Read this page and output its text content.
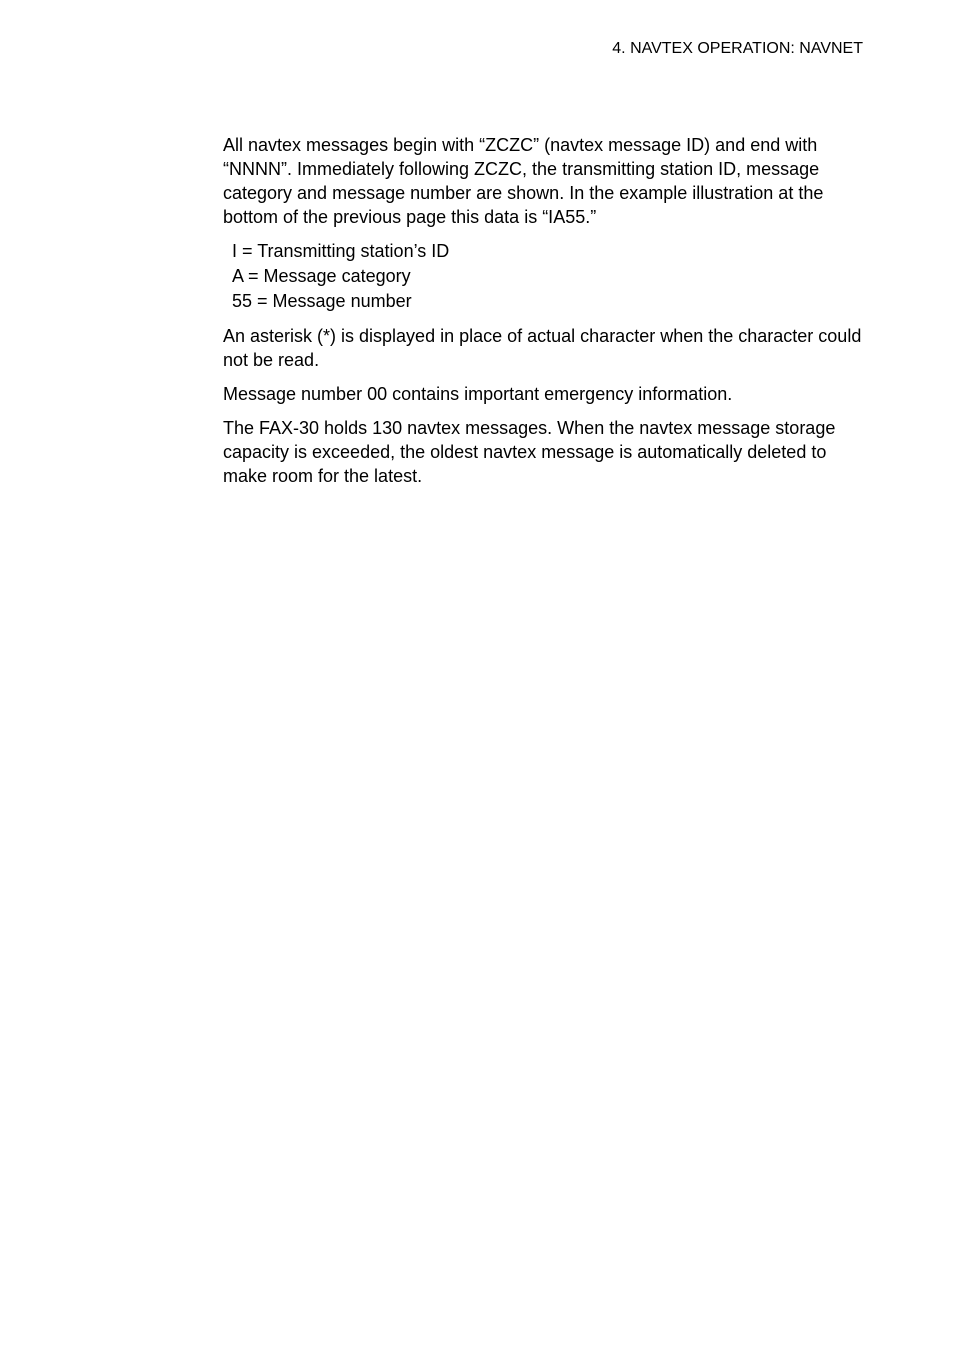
4. NAVTEX OPERATION: NAVNET

All navtex messages begin with “ZCZC” (navtex message ID) and end with “NNNN”. Immediately following ZCZC, the transmitting station ID, message category and message number are shown. In the example illustration at the bottom of the previous page this data is “IA55.”

I = Transmitting station’s ID
A = Message category
55 = Message number

An asterisk (*) is displayed in place of actual character when the character could not be read.

Message number 00 contains important emergency information.

The FAX-30 holds 130 navtex messages. When the navtex message storage capacity is exceeded, the oldest navtex message is automatically deleted to make room for the latest.
